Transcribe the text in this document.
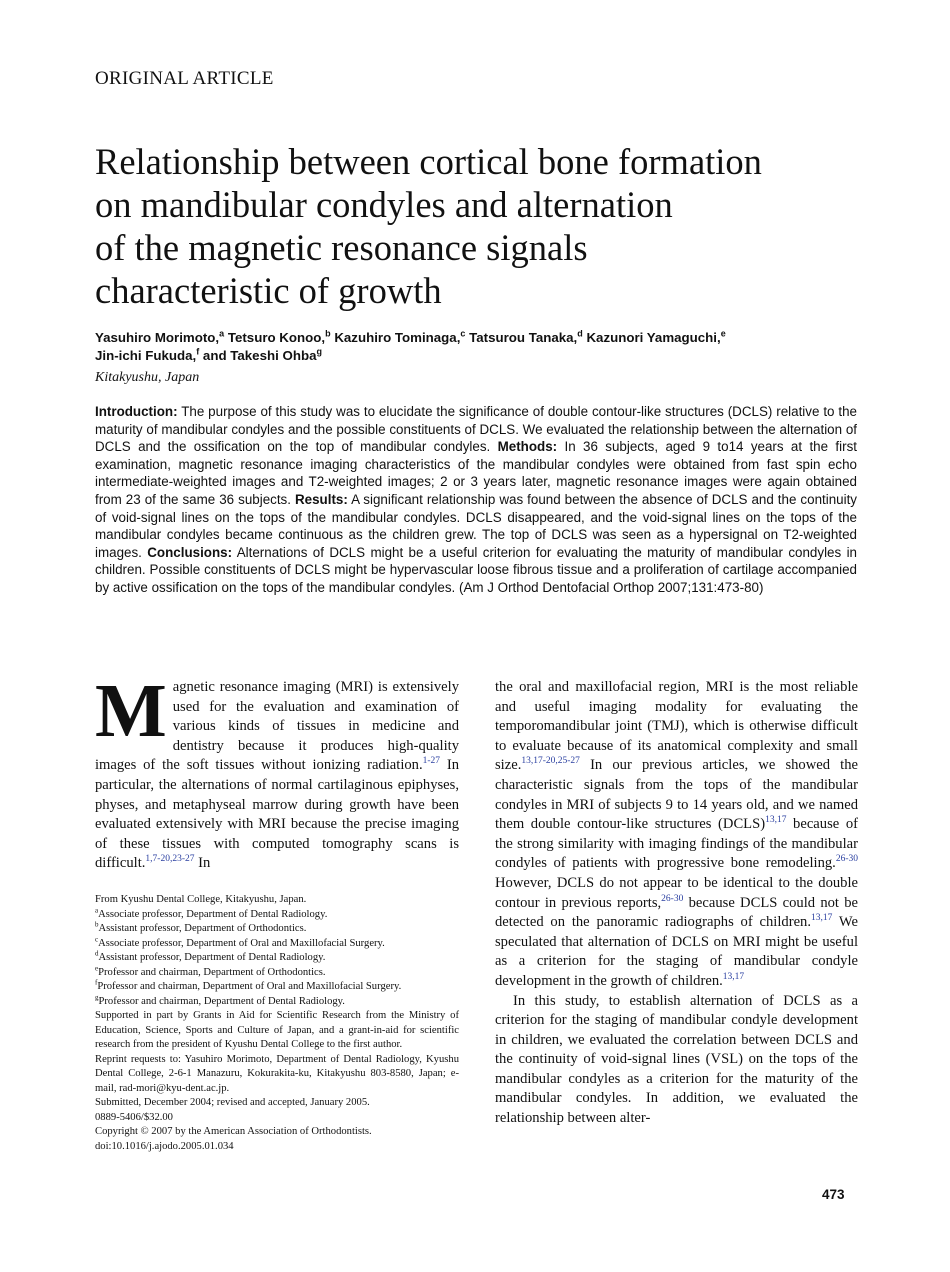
ORIGINAL ARTICLE
Relationship between cortical bone formation
on mandibular condyles and alternation
of the magnetic resonance signals
characteristic of growth
Yasuhiro Morimoto,$^a$ Tetsuro Konoo,$^b$ Kazuhiro Tominaga,$^c$ Tatsurou Tanaka,$^d$ Kazunori Yamaguchi,$^e$
Jin-ichi Fukuda,$^f$ and Takeshi Ohba$^g$
Kitakyushu, Japan
Introduction: The purpose of this study was to elucidate the significance of double contour-like structures (DCLS) relative to the maturity of mandibular condyles and the possible constituents of DCLS. We evaluated the relationship between the alternation of DCLS and the ossification on the top of mandibular condyles. Methods: In 36 subjects, aged 9 to14 years at the first examination, magnetic resonance imaging characteristics of the mandibular condyles were obtained from fast spin echo intermediate-weighted images and T2-weighted images; 2 or 3 years later, magnetic resonance images were again obtained from 23 of the same 36 subjects. Results: A significant relationship was found between the absence of DCLS and the continuity of void-signal lines on the tops of the mandibular condyles. DCLS disappeared, and the void-signal lines on the tops of the mandibular condyles became continuous as the children grew. The top of DCLS was seen as a hypersignal on T2-weighted images. Conclusions: Alternations of DCLS might be a useful criterion for evaluating the maturity of mandibular condyles in children. Possible constituents of DCLS might be hypervascular loose fibrous tissue and a proliferation of cartilage accompanied by active ossification on the tops of the mandibular condyles. (Am J Orthod Dentofacial Orthop 2007;131:473-80)

Magnetic resonance imaging (MRI) is extensively used for the evaluation and examination of various kinds of tissues in medicine and dentistry because it produces high-quality images of the soft tissues without ionizing radiation.$^{1-27}$ In particular, the alternations of normal cartilaginous epiphyses, physes, and metaphyseal marrow during growth have been evaluated extensively with MRI because the precise imaging of these tissues with computed tomography scans is difficult.$^{1,7-20,23-27}$ In

the oral and maxillofacial region, MRI is the most reliable and useful imaging modality for evaluating the temporomandibular joint (TMJ), which is otherwise difficult to evaluate because of its anatomical complexity and small size.$^{13,17-20,25-27}$ In our previous articles, we showed the characteristic signals from the tops of the mandibular condyles in MRI of subjects 9 to 14 years old, and we named them double contour-like structures (DCLS)$^{13,17}$ because of the strong similarity with imaging findings of the mandibular condyles of patients with progressive bone remodeling.$^{26-30}$ However, DCLS do not appear to be identical to the double contour in previous reports,$^{26-30}$ because DCLS could not be detected on the panoramic radiographs of children.$^{13,17}$ We speculated that alternation of DCLS on MRI might be useful as a criterion for the staging of mandibular condyle development in the growth of children.$^{13,17}$

In this study, to establish alternation of DCLS as a criterion for the staging of mandibular condyle development in children, we evaluated the correlation between DCLS and the continuity of void-signal lines (VSL) on the tops of the mandibular condyles as a criterion for the maturity of the mandibular condyles. In addition, we evaluated the relationship between alter-

From Kyushu Dental College, Kitakyushu, Japan.
$^a$Associate professor, Department of Dental Radiology.
$^b$Assistant professor, Department of Orthodontics.
$^c$Associate professor, Department of Oral and Maxillofacial Surgery.
$^d$Assistant professor, Department of Dental Radiology.
$^e$Professor and chairman, Department of Orthodontics.
$^f$Professor and chairman, Department of Oral and Maxillofacial Surgery.
$^g$Professor and chairman, Department of Dental Radiology.
Supported in part by Grants in Aid for Scientific Research from the Ministry of Education, Science, Sports and Culture of Japan, and a grant-in-aid for scientific research from the president of Kyushu Dental College to the first author.
Reprint requests to: Yasuhiro Morimoto, Department of Dental Radiology, Kyushu Dental College, 2-6-1 Manazuru, Kokurakita-ku, Kitakyushu 803-8580, Japan; e-mail, rad-mori@kyu-dent.ac.jp.
Submitted, December 2004; revised and accepted, January 2005.
0889-5406/$32.00
Copyright © 2007 by the American Association of Orthodontists.
doi:10.1016/j.ajodo.2005.01.034
473
